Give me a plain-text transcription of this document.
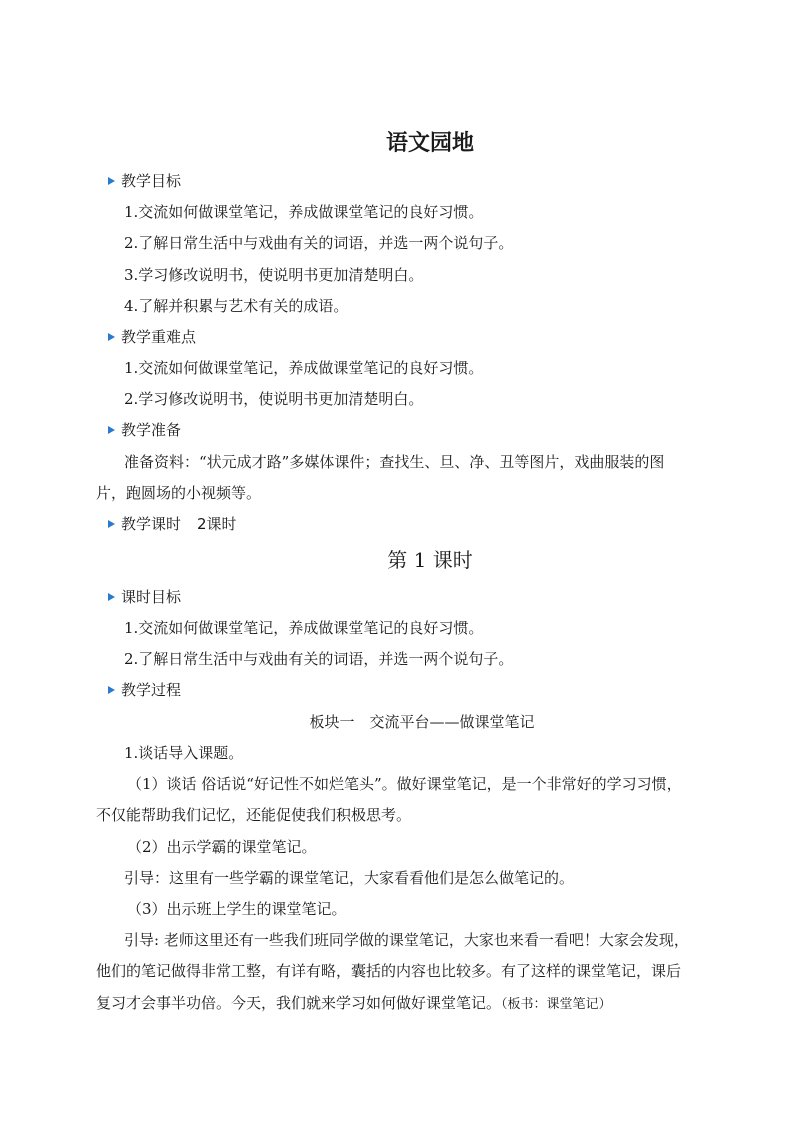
语文园地
教学目标
1.交流如何做课堂笔记，养成做课堂笔记的良好习惯。
2.了解日常生活中与戏曲有关的词语，并选一两个说句子。
3.学习修改说明书，使说明书更加清楚明白。
4.了解并积累与艺术有关的成语。
教学重难点
1.交流如何做课堂笔记，养成做课堂笔记的良好习惯。
2.学习修改说明书，使说明书更加清楚明白。
教学准备
准备资料：“状元成才路”多媒体课件；查找生、旦、净、丑等图片，戏曲服装的图
片，跑圆场的小视频等。
教学课时 2课时
第 1 课时
课时目标
1.交流如何做课堂笔记，养成做课堂笔记的良好习惯。
2.了解日常生活中与戏曲有关的词语，并选一两个说句子。
教学过程
板块一　交流平台——做课堂笔记
1.谈话导入课题。
（1）谈话 俗话说“好记性不如烂笔头”。做好课堂笔记，是一个非常好的学习习惯，
不仅能帮助我们记忆，还能促使我们积极思考。
（2）出示学霸的课堂笔记。
引导：这里有一些学霸的课堂笔记，大家看看他们是怎么做笔记的。
（3）出示班上学生的课堂笔记。
引导: 老师这里还有一些我们班同学做的课堂笔记，大家也来看一看吧！大家会发现，
他们的笔记做得非常工整，有详有略，囊括的内容也比较多。有了这样的课堂笔记，课后
复习才会事半功倍。今天，我们就来学习如何做好课堂笔记。（板书：课堂笔记）
